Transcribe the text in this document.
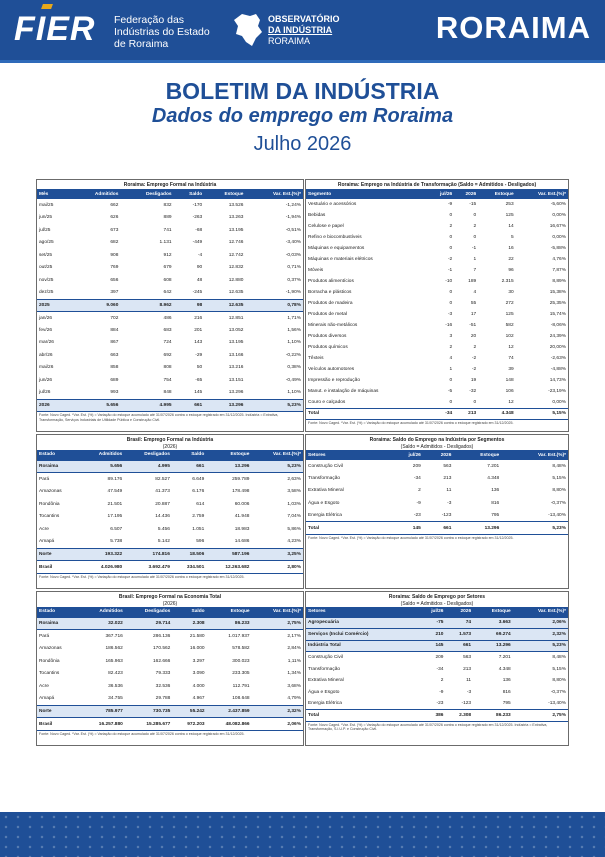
FIER Federação das
Indústrias do Estado
de Roraima
OBSERVATÓRIO
DA INDÚSTRIA
RORAIMA	RORAIMA
BOLETIM DA INDÚSTRIA
Dados do emprego em Roraima
Julho 2026
Roraima: Emprego Formal na Indústria
Mês	Admitidos	Desligados	Saldo	Estoque	Var. Est.(%)*
mai/25	662	832	-170	13.526	-1,24%
jun/25	626	889	-263	13.263	-1,94%
jul/25	673	741	-68	13.195	-0,51%
ago/25	682	1.131	-449	12.746	-3,40%
set/25	908	912	-4	12.742	-0,03%
out/25	769	679	90	12.832	0,71%
nov/25	656	608	48	12.880	0,37%
dez/25	397	642	-245	12.635	-1,90%
2025	9.060	8.962	98	12.635	0,78%
jan/26	702	486	216	12.851	1,71%
fev/26	884	683	201	13.052	1,56%
mar/26	867	724	143	13.195	1,10%
abr/26	663	692	-29	13.166	-0,22%
mai/26	858	808	50	13.216	0,38%
jun/26	689	754	-65	13.151	-0,49%
jul/26	993	848	145	13.296	1,10%
2026	5.656	4.995	661	13.296	5,23%
Fonte: Novo Caged. *Var. Est. (%) = Variação do estoque acumulado até 31/07/2026 contra o estoque registrado em 31/12/2025. Indústria = Extrativa, Transformação, Serviços Industriais de Utilidade Pública e Construção Civil.
Brasil: Emprego Formal na Indústria
(2026)
Estado	Admitidos	Desligados	Saldo	Estoque	Var. Est.(%)*
Roraima	5.656	4.995	661	13.296	5,23%
Pará	89.176	82.527	6.649	259.789	2,63%
Amazonas	47.549	41.373	6.176	178.498	3,58%
Rondônia	21.501	20.887	614	60.006	1,03%
Tocantins	17.195	14.436	2.759	41.948	7,04%
Acre	6.507	5.456	1.051	18.983	5,86%
Amapá	5.738	5.142	596	14.686	4,23%
Norte	193.322	174.816	18.506	587.196	3,25%
Brasil	4.026.980	3.692.479	334.501	12.263.682	2,80%
Fonte: Novo Caged. *Var. Est. (%) = Variação do estoque acumulado até 31/07/2026 contra o estoque registrado em 31/12/2025.
Brasil: Emprego Formal na Economia Total
(2026)
Estado	Admitidos	Desligados	Saldo	Estoque	Var. Est.(%)*
Roraima	32.022	29.714	2.308	86.233	2,75%
Pará	367.716	286.136	21.580	1.017.937	2,17%
Amazonas	186.562	170.562	16.000	578.582	2,84%
Rondônia	165.963	162.666	3.297	300.023	1,11%
Tocantins	82.423	79.333	3.090	233.305	1,34%
Acre	36.536	32.536	4.000	112.791	3,68%
Amapá	34.755	29.788	4.967	108.648	4,79%
Norte	785.977	730.735	55.242	2.437.859	2,32%
Brasil	16.257.880	15.285.677	972.203	48.082.866	2,06%
Fonte: Novo Caged. *Var. Est. (%) = Variação do estoque acumulado até 31/07/2026 contra o estoque registrado em 31/12/2025.
Roraima: Emprego na Indústria de Transformação (Saldo = Admitidos - Desligados)
Segmento	jul/26	2026	Estoque	Var. Est.(%)*
Vestuário e acessórios	-9	-15	253	-5,60%
Bebidas	0	0	125	0,00%
Celulose e papel	2	2	14	16,67%
Refino e biocombustíveis	0	0	5	0,00%
Máquinas e equipamentos	0	-1	16	-5,88%
Máquinas e materiais elétricos	-2	1	22	4,76%
Móveis	-1	7	96	7,87%
Produtos alimentícios	-10	189	2.315	8,89%
Borracha e plásticos	0	4	30	15,38%
Produtos de madeira	0	55	272	25,35%
Produtos de metal	-3	17	125	15,74%
Minerais não-metálicos	-16	-51	582	-8,06%
Produtos diversos	3	20	102	24,39%
Produtos químicos	2	2	12	20,00%
Têxteis	4	-2	74	-2,63%
Veículos automotores	1	-2	39	-4,88%
Impressão e reprodução	0	19	148	14,73%
Manut. e instalação de máquinas	-5	-32	106	-23,19%
Couro e calçados	0	0	12	0,00%
Total	-34	213	4.348	5,15%
Fonte: Novo Caged. *Var. Est. (%) = Variação do estoque acumulado até 31/07/2026 contra o estoque registrado em 31/12/2025.
Roraima: Saldo do Emprego na Indústria por Segmentos
(Saldo = Admitidos - Desligados)
Setores	jul/26	2026	Estoque	Var. Est.(%)*
Construção Civil	209	563	7.201	8,48%
Transformação	-34	213	4.348	5,15%
Extrativa Mineral	2	11	136	8,80%
Água e Esgoto	-9	-3	816	-0,37%
Energia Elétrica	-23	-123	795	-13,40%
Total	145	661	13.296	5,23%
Fonte: Novo Caged. *Var. Est. (%) = Variação do estoque acumulado até 31/07/2026 contra o estoque registrado em 31/12/2025.
Roraima: Saldo de Emprego por Setores
(Saldo = Admitidos - Desligados)
Setores	jul/26	2026	Estoque	Var. Est.(%)*
Agropecuária	-75	74	3.663	2,06%
Serviços (Inclui Comércio)	210	1.573	69.274	2,32%
Indústria Total	145	661	13.296	5,23%
Construção Civil	209	563	7.201	8,48%
Transformação	-34	213	4.348	5,15%
Extrativa Mineral	2	11	136	8,80%
Água e Esgoto	-9	-3	816	-0,37%
Energia Elétrica	-23	-123	795	-13,40%
Total	386	2.308	86.233	2,75%
Fonte: Novo Caged. *Var. Est. (%) = Variação do estoque acumulado até 31/07/2026 contra o estoque registrado em 31/12/2025. Indústria = Extrativa, Transformação, S.I.U.P. e Construção Civil.
